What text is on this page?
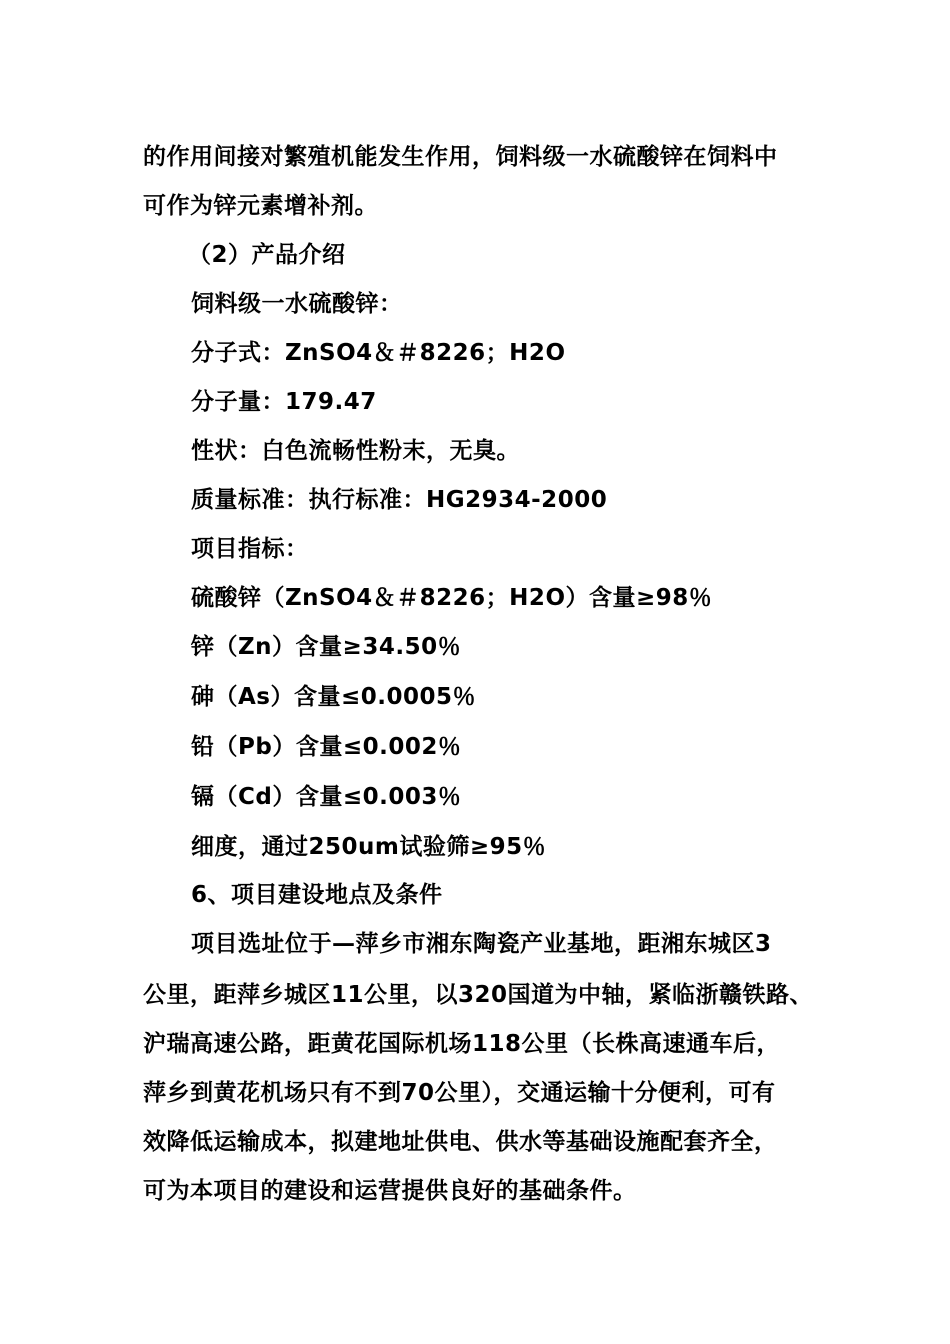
的作用间接对繁殖机能发生作用，饲料级一水硫酸锌在饲料中
可作为锌元素增补剂。
（2）产品介绍
饲料级一水硫酸锌：
分子式：ZnSO4＆＃8226；H2O
分子量：179.47
性状：白色流畅性粉末，无臭。
质量标准：执行标准：HG2934-2000
项目指标：
硫酸锌（ZnSO4＆＃8226；H2O）含量≥98％
锌（Zn）含量≥34.50％
砷（As）含量≤0.0005％
铅（Pb）含量≤0.002％
镉（Cd）含量≤0.003％
细度，通过250um试验筛≥95％
6、项目建设地点及条件
项目选址位于—萍乡市湘东陶瓷产业基地，距湘东城区3
公里，距萍乡城区11公里，以320国道为中轴，紧临浙赣铁路、
沪瑞高速公路，距黄花国际机场118公里（长株高速通车后，
萍乡到黄花机场只有不到70公里），交通运输十分便利，可有
效降低运输成本，拟建地址供电、供水等基础设施配套齐全，
可为本项目的建设和运营提供良好的基础条件。
